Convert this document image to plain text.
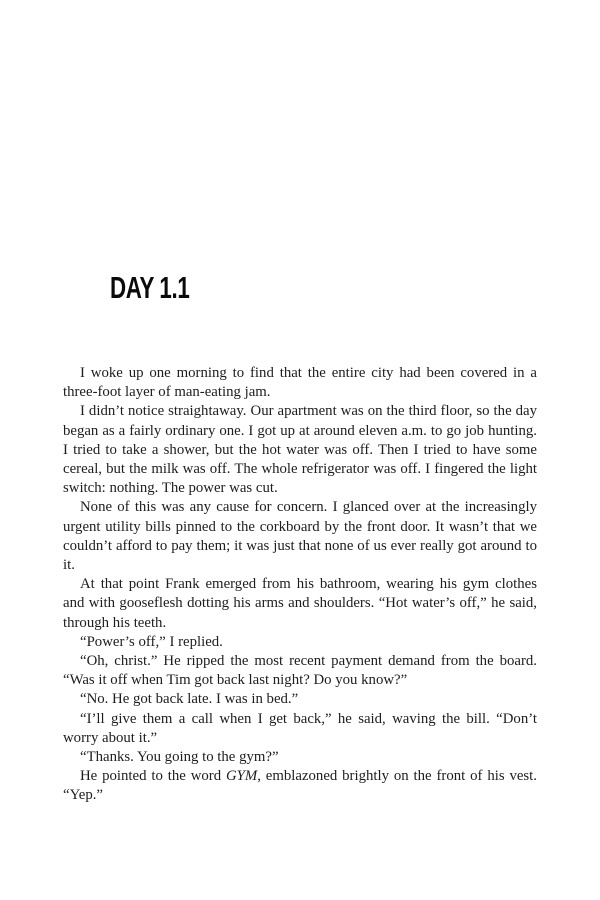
DAY 1.1

I woke up one morning to find that the entire city had been covered in a three-foot layer of man-eating jam.

I didn’t notice straightaway. Our apartment was on the third floor, so the day began as a fairly ordinary one. I got up at around eleven a.m. to go job hunting. I tried to take a shower, but the hot water was off. Then I tried to have some cereal, but the milk was off. The whole refrigerator was off. I fingered the light switch: nothing. The power was cut.

None of this was any cause for concern. I glanced over at the increasingly urgent utility bills pinned to the corkboard by the front door. It wasn’t that we couldn’t afford to pay them; it was just that none of us ever really got around to it.

At that point Frank emerged from his bathroom, wearing his gym clothes and with gooseflesh dotting his arms and shoulders. “Hot water’s off,” he said, through his teeth.

“Power’s off,” I replied.

“Oh, christ.” He ripped the most recent payment demand from the board. “Was it off when Tim got back last night? Do you know?”

“No. He got back late. I was in bed.”

“I’ll give them a call when I get back,” he said, waving the bill. “Don’t worry about it.”

“Thanks. You going to the gym?”

He pointed to the word GYM, emblazoned brightly on the front of his vest. “Yep.”
